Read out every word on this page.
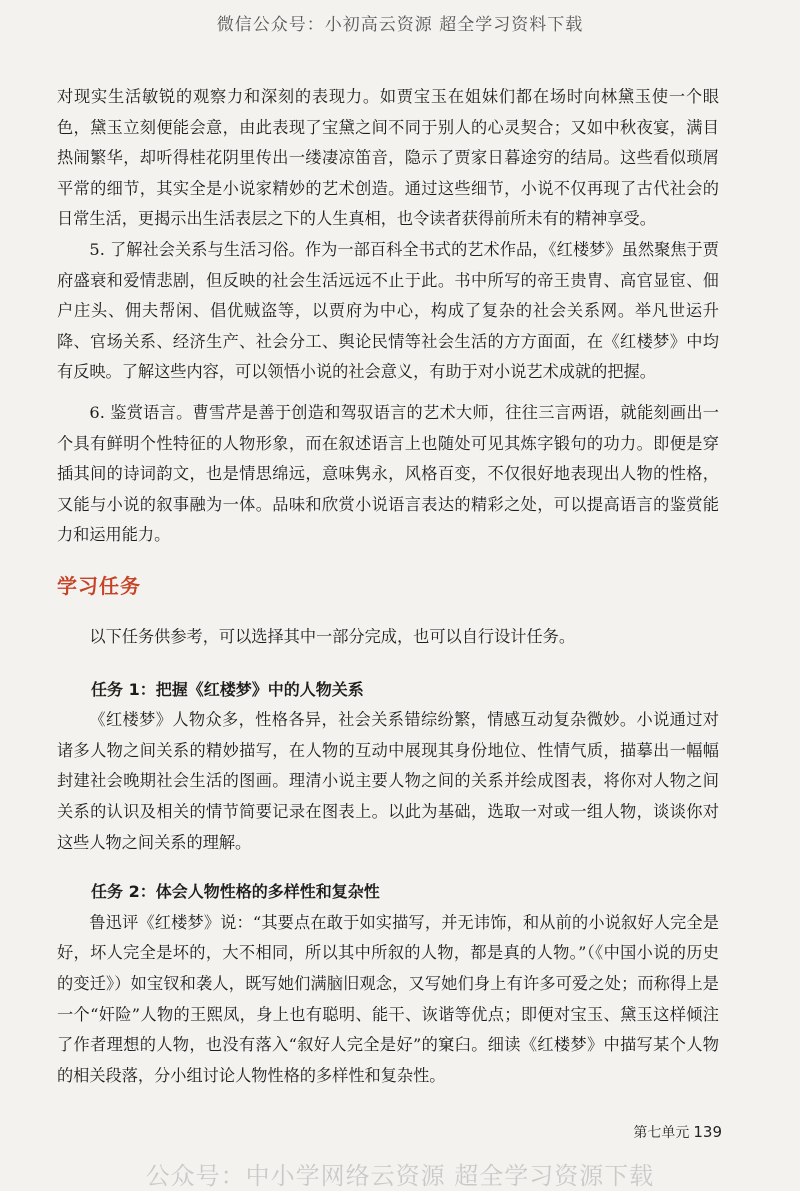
微信公众号：小初高云资源 超全学习资料下载

对现实生活敏锐的观察力和深刻的表现力。如贾宝玉在姐妹们都在场时向林黛玉使一个眼色，黛玉立刻便能会意，由此表现了宝黛之间不同于别人的心灵契合；又如中秋夜宴，满目热闹繁华，却听得桂花阴里传出一缕凄凉笛音，隐示了贾家日暮途穷的结局。这些看似琐屑平常的细节，其实全是小说家精妙的艺术创造。通过这些细节，小说不仅再现了古代社会的日常生活，更揭示出生活表层之下的人生真相，也令读者获得前所未有的精神享受。

5. 了解社会关系与生活习俗。作为一部百科全书式的艺术作品，《红楼梦》虽然聚焦于贾府盛衰和爱情悲剧，但反映的社会生活远远不止于此。书中所写的帝王贵胄、高官显宦、佃户庄头、佣夫帮闲、倡优贼盗等，以贾府为中心，构成了复杂的社会关系网。举凡世运升降、官场关系、经济生产、社会分工、舆论民情等社会生活的方方面面，在《红楼梦》中均有反映。了解这些内容，可以领悟小说的社会意义，有助于对小说艺术成就的把握。

6. 鉴赏语言。曹雪芹是善于创造和驾驭语言的艺术大师，往往三言两语，就能刻画出一个具有鲜明个性特征的人物形象，而在叙述语言上也随处可见其炼字锻句的功力。即便是穿插其间的诗词韵文，也是情思绵远，意味隽永，风格百变，不仅很好地表现出人物的性格，又能与小说的叙事融为一体。品味和欣赏小说语言表达的精彩之处，可以提高语言的鉴赏能力和运用能力。

学习任务

以下任务供参考，可以选择其中一部分完成，也可以自行设计任务。

任务 1：把握《红楼梦》中的人物关系

《红楼梦》人物众多，性格各异，社会关系错综纷繁，情感互动复杂微妙。小说通过对诸多人物之间关系的精妙描写，在人物的互动中展现其身份地位、性情气质，描摹出一幅幅封建社会晚期社会生活的图画。理清小说主要人物之间的关系并绘成图表，将你对人物之间关系的认识及相关的情节简要记录在图表上。以此为基础，选取一对或一组人物，谈谈你对这些人物之间关系的理解。

任务 2：体会人物性格的多样性和复杂性

鲁迅评《红楼梦》说：“其要点在敢于如实描写，并无讳饰，和从前的小说叙好人完全是好，坏人完全是坏的，大不相同，所以其中所叙的人物，都是真的人物。”（《中国小说的历史的变迁》）如宝钗和袭人，既写她们满脑旧观念，又写她们身上有许多可爱之处；而称得上是一个“奸险”人物的王熙凤，身上也有聪明、能干、诙谐等优点；即便对宝玉、黛玉这样倾注了作者理想的人物，也没有落入“叙好人完全是好”的窠臼。细读《红楼梦》中描写某个人物的相关段落，分小组讨论人物性格的多样性和复杂性。

第七单元 139
公众号：中小学网络云资源 超全学习资源下载
